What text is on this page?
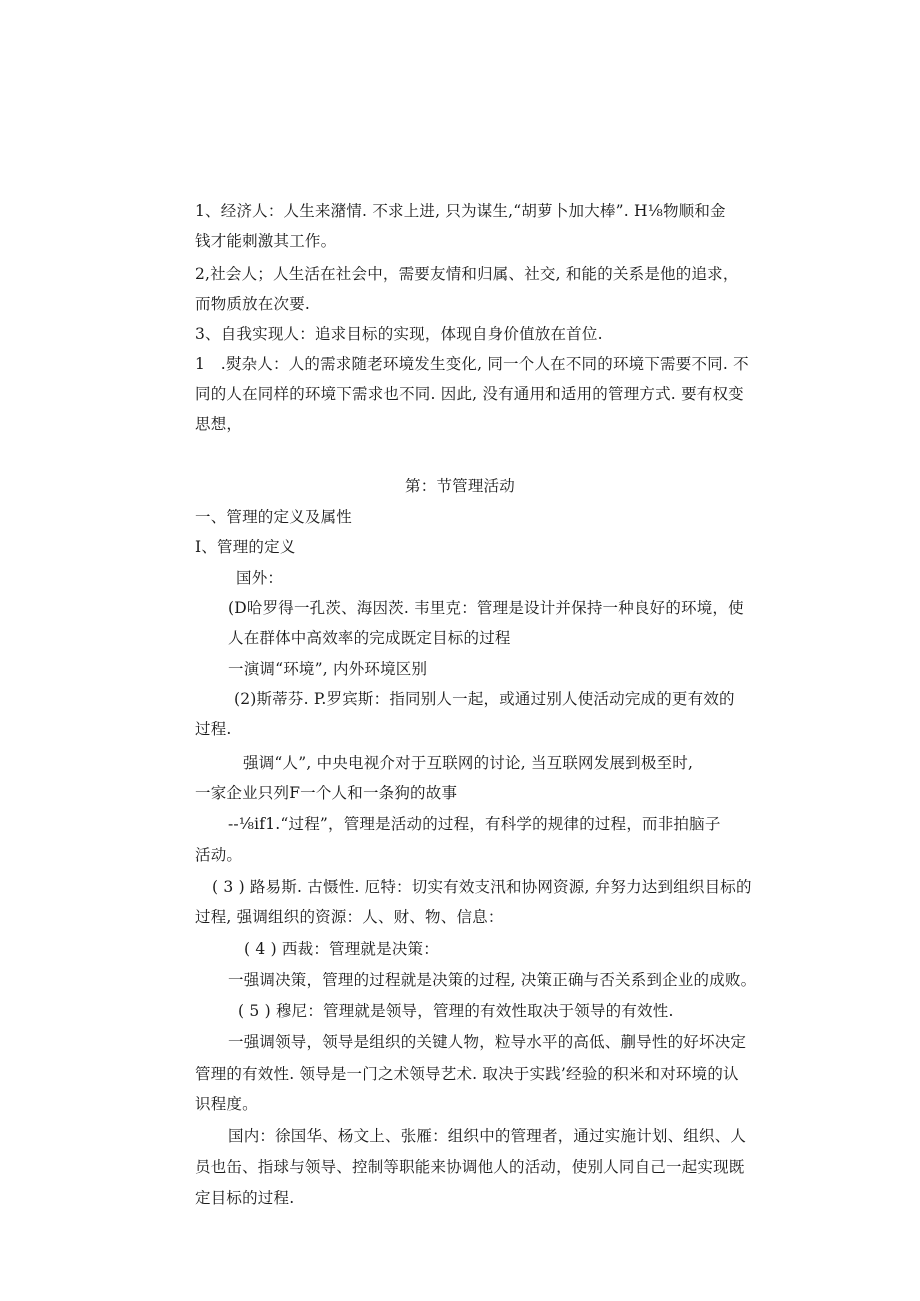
1、经济人：人生来潴情. 不求上进, 只为谋生,“胡萝卜加大棒”. H⅛物顺和金
钱才能刺激其工作。
2,社会人；人生活在社会中，需要友情和归属、社交, 和能的关系是他的追求，
而物质放在次要.
3、自我实现人：追求目标的实现，体现自身价值放在首位.
1　.熨杂人：人的需求随老环境发生变化, 同一个人在不同的环境下需要不同. 不
同的人在同样的环境下需求也不同. 因此, 没有通用和适用的管理方式. 要有权变
思想，
第：节管理活动
一、管理的定义及属性
I、管理的定义
国外：
(D哈罗得一孔茨、海因茨. 韦里克：管理是设计并保持一种良好的环境，使
人在群体中高效率的完成既定目标的过程
一演调“环境”, 内外环境区别
(2)斯蒂芬. P.罗宾斯：指同别人一起，或通过别人使活动完成的更有效的
过程.
强调“人”, 中央电视介对于互联网的讨论, 当互联网发展到极至时,
一家企业只列F一个人和一条狗的故事
--⅛if1.“过程”，管理是活动的过程，有科学的规律的过程，而非拍脑子
活动。
( 3 ) 路易斯. 古慑性. 厄特：切实有效支汛和协网资源, 弁努力达到组织目标的
过程, 强调组织的资源：人、财、物、信息：
( 4 ) 西裁：管理就是决策：
一强调决策，管理的过程就是决策的过程, 决策正确与否关系到企业的成败。
( 5 ) 穆尼：管理就是领导，管理的有效性取决于领导的有效性.
一强调领导，领导是组织的关键人物，粒导水平的高低、蒯导性的好坏决定
管理的有效性. 领导是一门之术领导艺术. 取决于实践’经验的积米和对环境的认
识程度。
国内：徐国华、杨文上、张雁：组织中的管理者，通过实施计划、组织、人
员也缶、指球与领导、控制等职能来协调他人的活动，使别人同自己一起实现既
定目标的过程.
